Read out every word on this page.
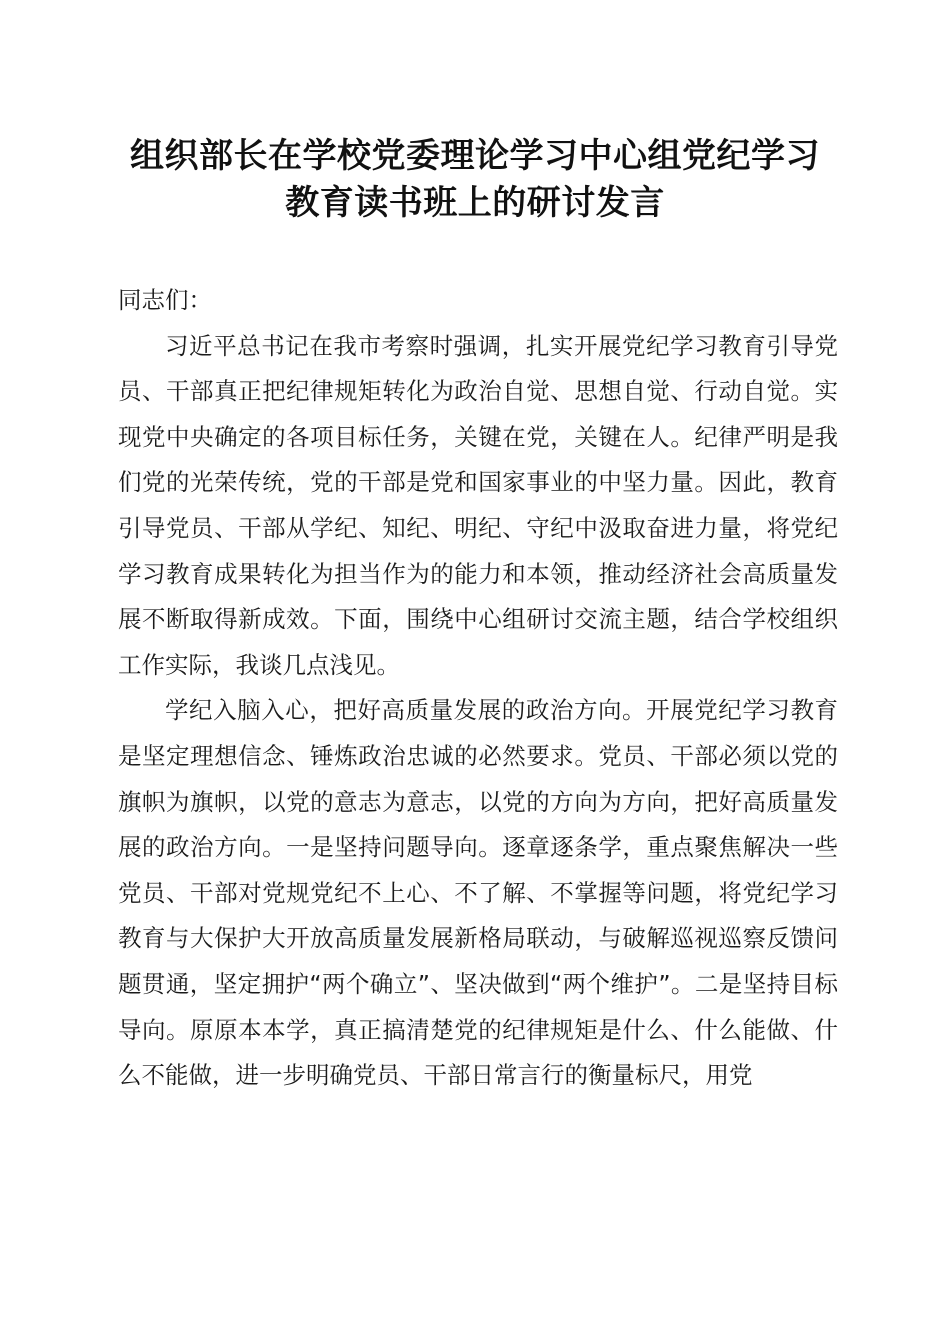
组织部长在学校党委理论学习中心组党纪学习
教育读书班上的研讨发言

同志们：

习近平总书记在我市考察时强调，扎实开展党纪学习教育引导党员、干部真正把纪律规矩转化为政治自觉、思想自觉、行动自觉。实现党中央确定的各项目标任务，关键在党，关键在人。纪律严明是我们党的光荣传统，党的干部是党和国家事业的中坚力量。因此，教育引导党员、干部从学纪、知纪、明纪、守纪中汲取奋进力量，将党纪学习教育成果转化为担当作为的能力和本领，推动经济社会高质量发展不断取得新成效。下面，围绕中心组研讨交流主题，结合学校组织工作实际，我谈几点浅见。

学纪入脑入心，把好高质量发展的政治方向。开展党纪学习教育是坚定理想信念、锤炼政治忠诚的必然要求。党员、干部必须以党的旗帜为旗帜，以党的意志为意志，以党的方向为方向，把好高质量发展的政治方向。一是坚持问题导向。逐章逐条学，重点聚焦解决一些党员、干部对党规党纪不上心、不了解、不掌握等问题，将党纪学习教育与大保护大开放高质量发展新格局联动，与破解巡视巡察反馈问题贯通，坚定拥护“两个确立”、坚决做到“两个维护”。二是坚持目标导向。原原本本学，真正搞清楚党的纪律规矩是什么、什么能做、什么不能做，进一步明确党员、干部日常言行的衡量标尺，用党
